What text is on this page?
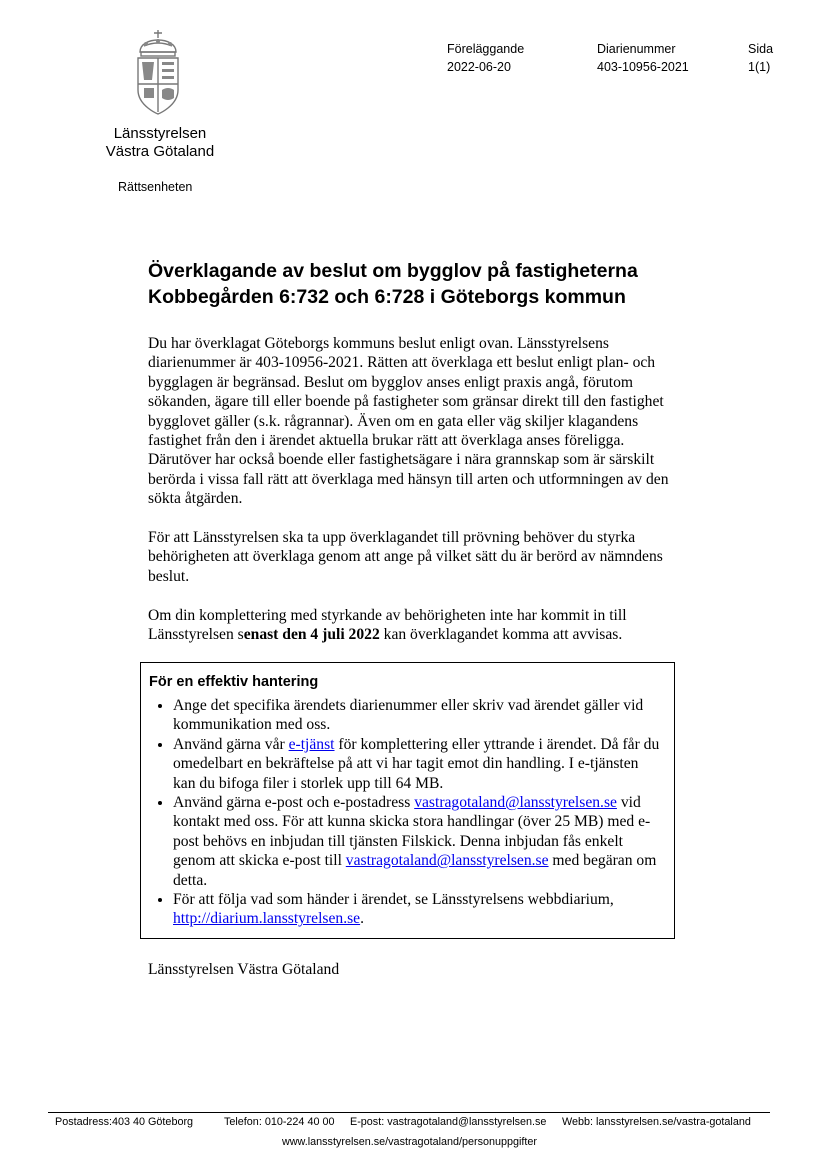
Länsstyrelsen
Västra Götaland
Rättsenheten
Föreläggande
2022-06-20
Diarienummer
403-10956-2021
Sida
1(1)
Överklagande av beslut om bygglov på fastigheterna
Kobbegården 6:732 och 6:728 i Göteborgs kommun
Du har överklagat Göteborgs kommuns beslut enligt ovan. Länsstyrelsens diarienummer är 403-10956-2021. Rätten att överklaga ett beslut enligt plan- och bygglagen är begränsad. Beslut om bygglov anses enligt praxis angå, förutom sökanden, ägare till eller boende på fastigheter som gränsar direkt till den fastighet bygglovet gäller (s.k. rågrannar). Även om en gata eller väg skiljer klagandens fastighet från den i ärendet aktuella brukar rätt att överklaga anses föreligga. Därutöver har också boende eller fastighetsägare i nära grannskap som är särskilt berörda i vissa fall rätt att överklaga med hänsyn till arten och utformningen av den sökta åtgärden.
För att Länsstyrelsen ska ta upp överklagandet till prövning behöver du styrka behörigheten att överklaga genom att ange på vilket sätt du är berörd av nämndens beslut.
Om din komplettering med styrkande av behörigheten inte har kommit in till Länsstyrelsen senast den 4 juli 2022 kan överklagandet komma att avvisas.
För en effektiv hantering
• Ange det specifika ärendets diarienummer eller skriv vad ärendet gäller vid kommunikation med oss.
• Använd gärna vår e-tjänst för komplettering eller yttrande i ärendet. Då får du omedelbart en bekräftelse på att vi har tagit emot din handling. I e-tjänsten kan du bifoga filer i storlek upp till 64 MB.
• Använd gärna e-post och e-postadress vastragotaland@lansstyrelsen.se vid kontakt med oss. För att kunna skicka stora handlingar (över 25 MB) med e-post behövs en inbjudan till tjänsten Filskick. Denna inbjudan fås enkelt genom att skicka e-post till vastragotaland@lansstyrelsen.se med begäran om detta.
• För att följa vad som händer i ärendet, se Länsstyrelsens webbdiarium, http://diarium.lansstyrelsen.se.
Länsstyrelsen Västra Götaland
Postadress:403 40 Göteborg	Telefon: 010-224 40 00 E-post: vastragotaland@lansstyrelsen.se Webb: lansstyrelsen.se/vastra-gotaland
www.lansstyrelsen.se/vastragotaland/personuppgifter
